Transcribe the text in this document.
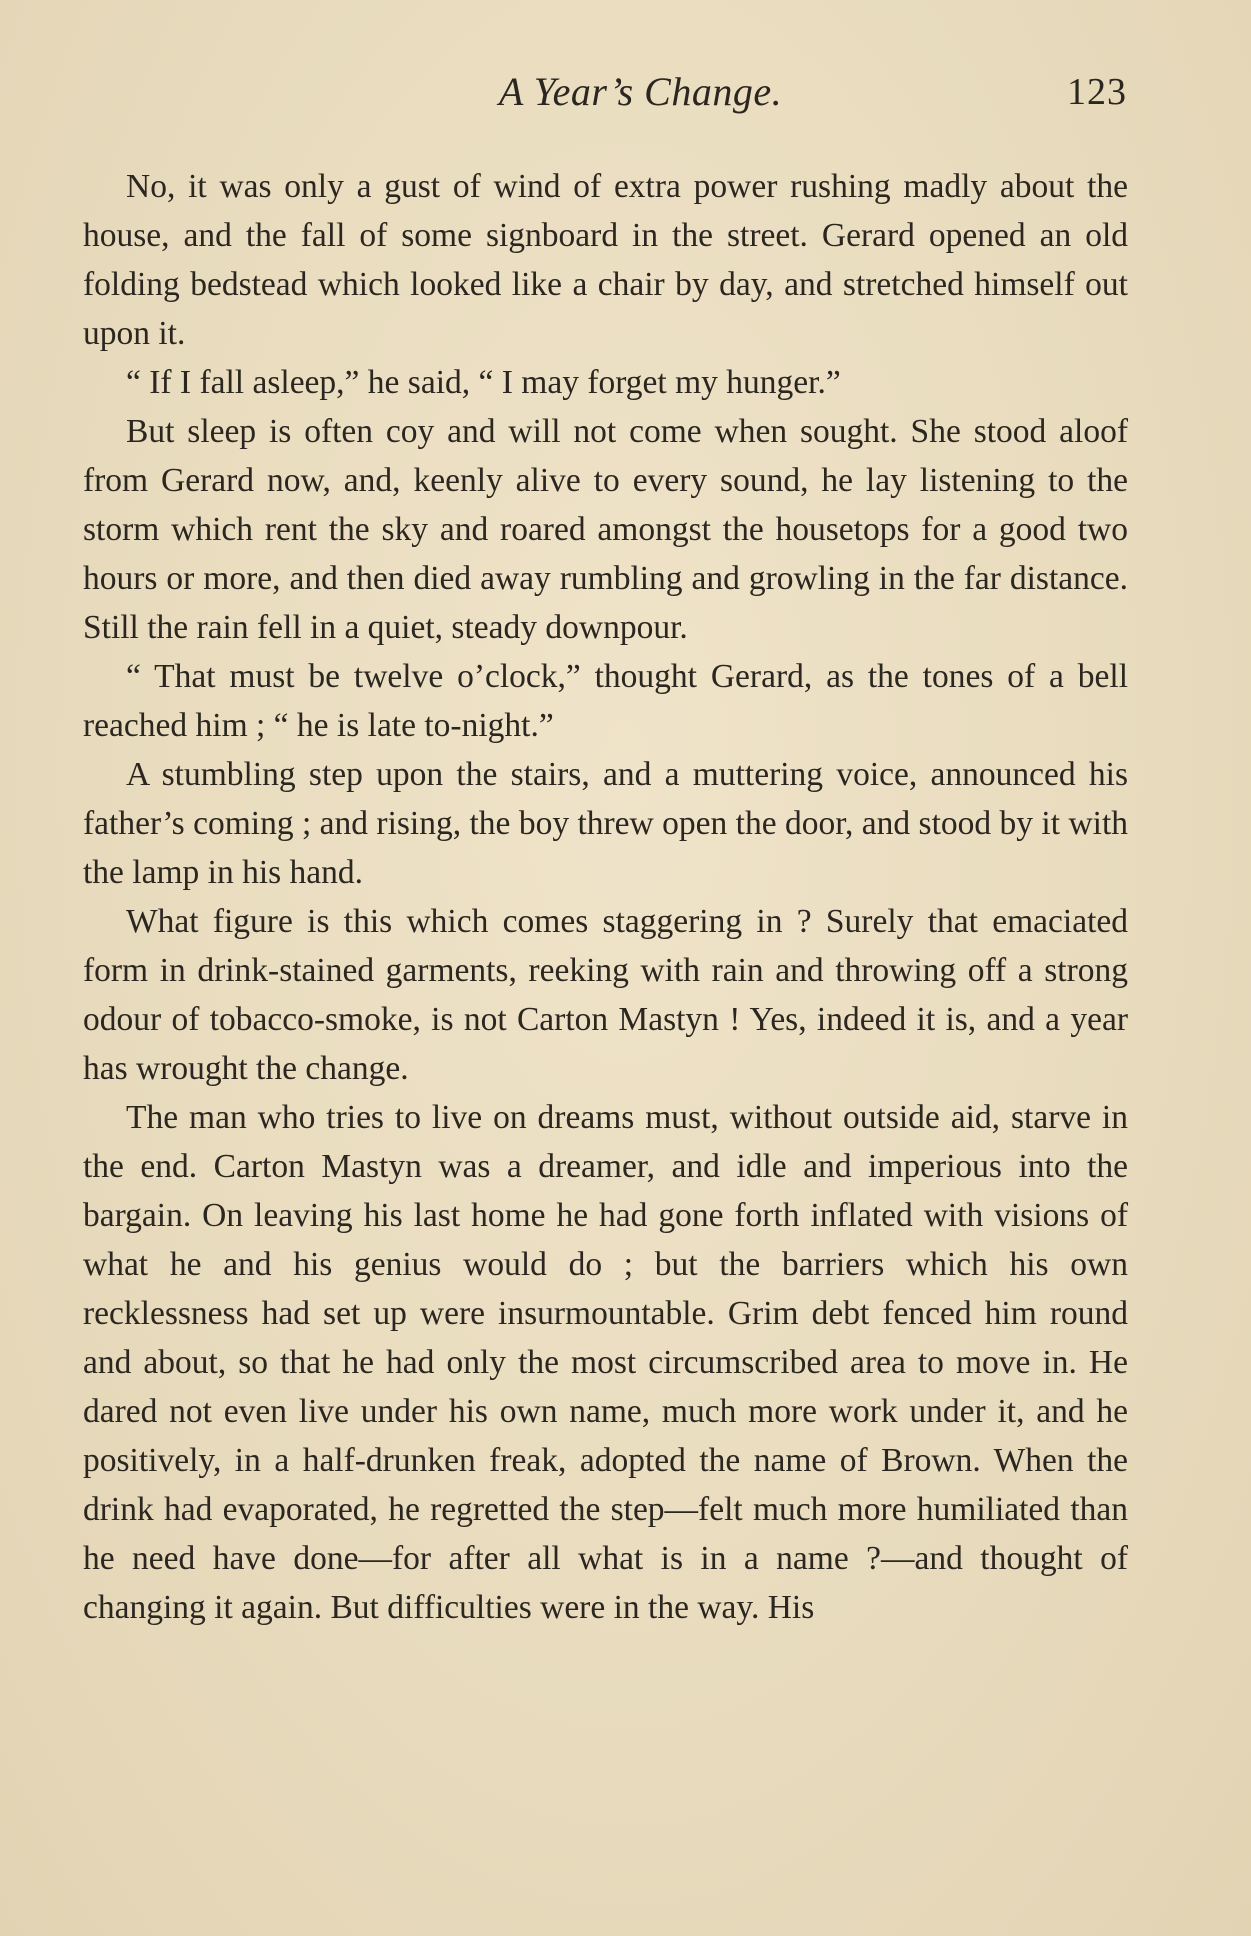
A Year’s Change.	123

No, it was only a gust of wind of extra power rushing madly about the house, and the fall of some signboard in the street. Gerard opened an old folding bedstead which looked like a chair by day, and stretched himself out upon it.

“ If I fall asleep,” he said, “ I may forget my hunger.”

But sleep is often coy and will not come when sought. She stood aloof from Gerard now, and, keenly alive to every sound, he lay listening to the storm which rent the sky and roared amongst the housetops for a good two hours or more, and then died away rumbling and growling in the far distance. Still the rain fell in a quiet, steady downpour.

“ That must be twelve o’clock,” thought Gerard, as the tones of a bell reached him ; “ he is late to-night.”

A stumbling step upon the stairs, and a muttering voice, announced his father’s coming ; and rising, the boy threw open the door, and stood by it with the lamp in his hand.

What figure is this which comes staggering in ? Surely that emaciated form in drink-stained garments, reeking with rain and throwing off a strong odour of tobacco-smoke, is not Carton Mastyn ! Yes, indeed it is, and a year has wrought the change.

The man who tries to live on dreams must, without outside aid, starve in the end. Carton Mastyn was a dreamer, and idle and imperious into the bargain. On leaving his last home he had gone forth inflated with visions of what he and his genius would do ; but the barriers which his own recklessness had set up were insurmountable. Grim debt fenced him round and about, so that he had only the most circumscribed area to move in. He dared not even live under his own name, much more work under it, and he positively, in a half-drunken freak, adopted the name of Brown. When the drink had evaporated, he regretted the step—felt much more humiliated than he need have done—for after all what is in a name ?—and thought of changing it again. But difficulties were in the way. His
